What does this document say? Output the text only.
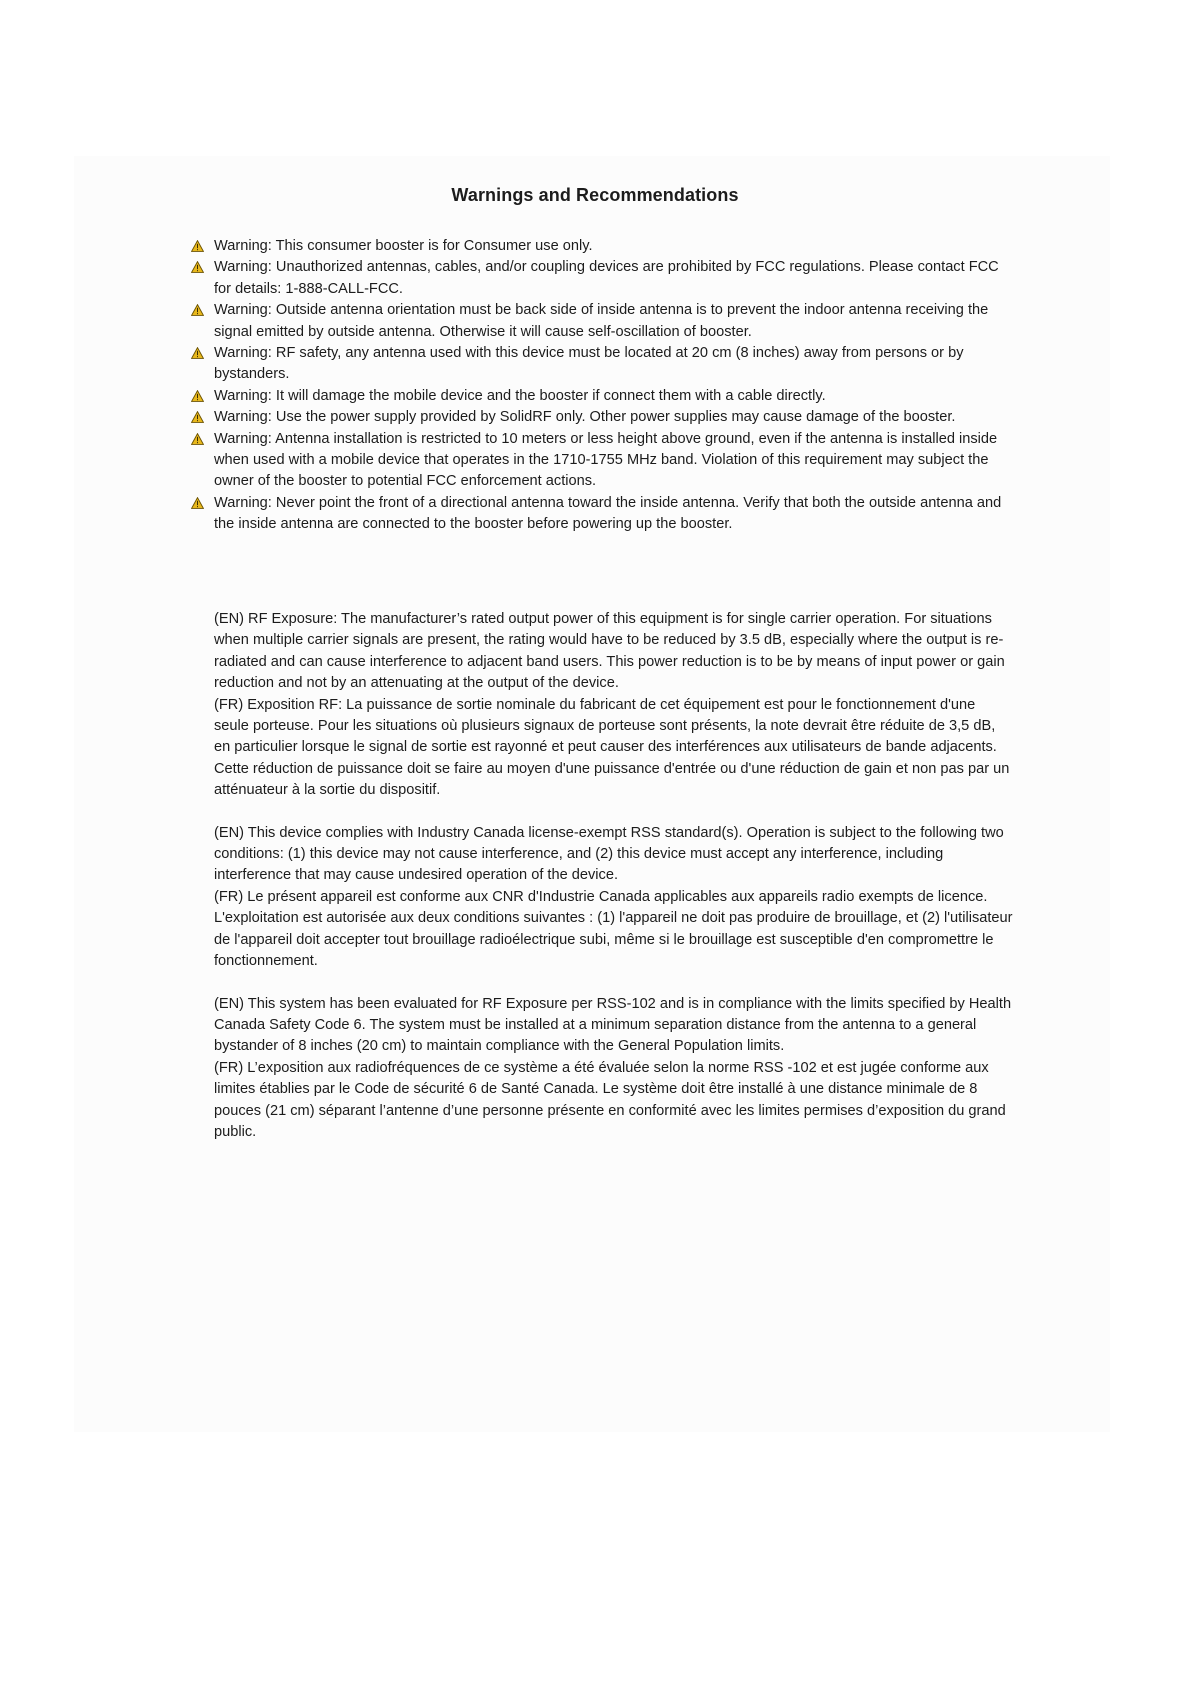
Warnings and Recommendations
Warning: This consumer booster is for Consumer use only.
Warning: Unauthorized antennas, cables, and/or coupling devices are prohibited by FCC regulations. Please contact FCC for details: 1-888-CALL-FCC.
Warning: Outside antenna orientation must be back side of inside antenna is to prevent the indoor antenna receiving the signal emitted by outside antenna. Otherwise it will cause self-oscillation of booster.
Warning: RF safety, any antenna used with this device must be located at 20 cm (8 inches) away from persons or by bystanders.
Warning: It will damage the mobile device and the booster if connect them with a cable directly.
Warning: Use the power supply provided by SolidRF only. Other power supplies may cause damage of the booster.
Warning: Antenna installation is restricted to 10 meters or less height above ground, even if the antenna is installed inside when used with a mobile device that operates in the 1710-1755 MHz band. Violation of this requirement may subject the owner of the booster to potential FCC enforcement actions.
Warning: Never point the front of a directional antenna toward the inside antenna. Verify that both the outside antenna and the inside antenna are connected to the booster before powering up the booster.

(EN) RF Exposure: The manufacturer’s rated output power of this equipment is for single carrier operation. For situations when multiple carrier signals are present, the rating would have to be reduced by 3.5 dB, especially where the output is re-radiated and can cause interference to adjacent band users. This power reduction is to be by means of input power or gain reduction and not by an attenuating at the output of the device.

(FR) Exposition RF: La puissance de sortie nominale du fabricant de cet équipement est pour le fonctionnement d'une seule porteuse. Pour les situations où plusieurs signaux de porteuse sont présents, la note devrait être réduite de 3,5 dB, en particulier lorsque le signal de sortie est rayonné et peut causer des interférences aux utilisateurs de bande adjacents. Cette réduction de puissance doit se faire au moyen d'une puissance d'entrée ou d'une réduction de gain et non pas par un atténuateur à la sortie du dispositif.

(EN) This device complies with Industry Canada license-exempt RSS standard(s). Operation is subject to the following two conditions: (1) this device may not cause interference, and (2) this device must accept any interference, including interference that may cause undesired operation of the device.

(FR) Le présent appareil est conforme aux CNR d'Industrie Canada applicables aux appareils radio exempts de licence. L'exploitation est autorisée aux deux conditions suivantes : (1) l'appareil ne doit pas produire de brouillage, et (2) l'utilisateur de l'appareil doit accepter tout brouillage radioélectrique subi, même si le brouillage est susceptible d'en compromettre le fonctionnement.

(EN) This system has been evaluated for RF Exposure per RSS-102 and is in compliance with the limits specified by Health Canada Safety Code 6. The system must be installed at a minimum separation distance from the antenna to a general bystander of 8 inches (20 cm) to maintain compliance with the General Population limits.

(FR) L’exposition aux radiofréquences de ce système a été évaluée selon la norme RSS -102 et est jugée conforme aux limites établies par le Code de sécurité 6 de Santé Canada. Le système doit être installé à une distance minimale de 8 pouces (21 cm) séparant l’antenne d’une personne présente en conformité avec les limites permises d’exposition du grand public.
